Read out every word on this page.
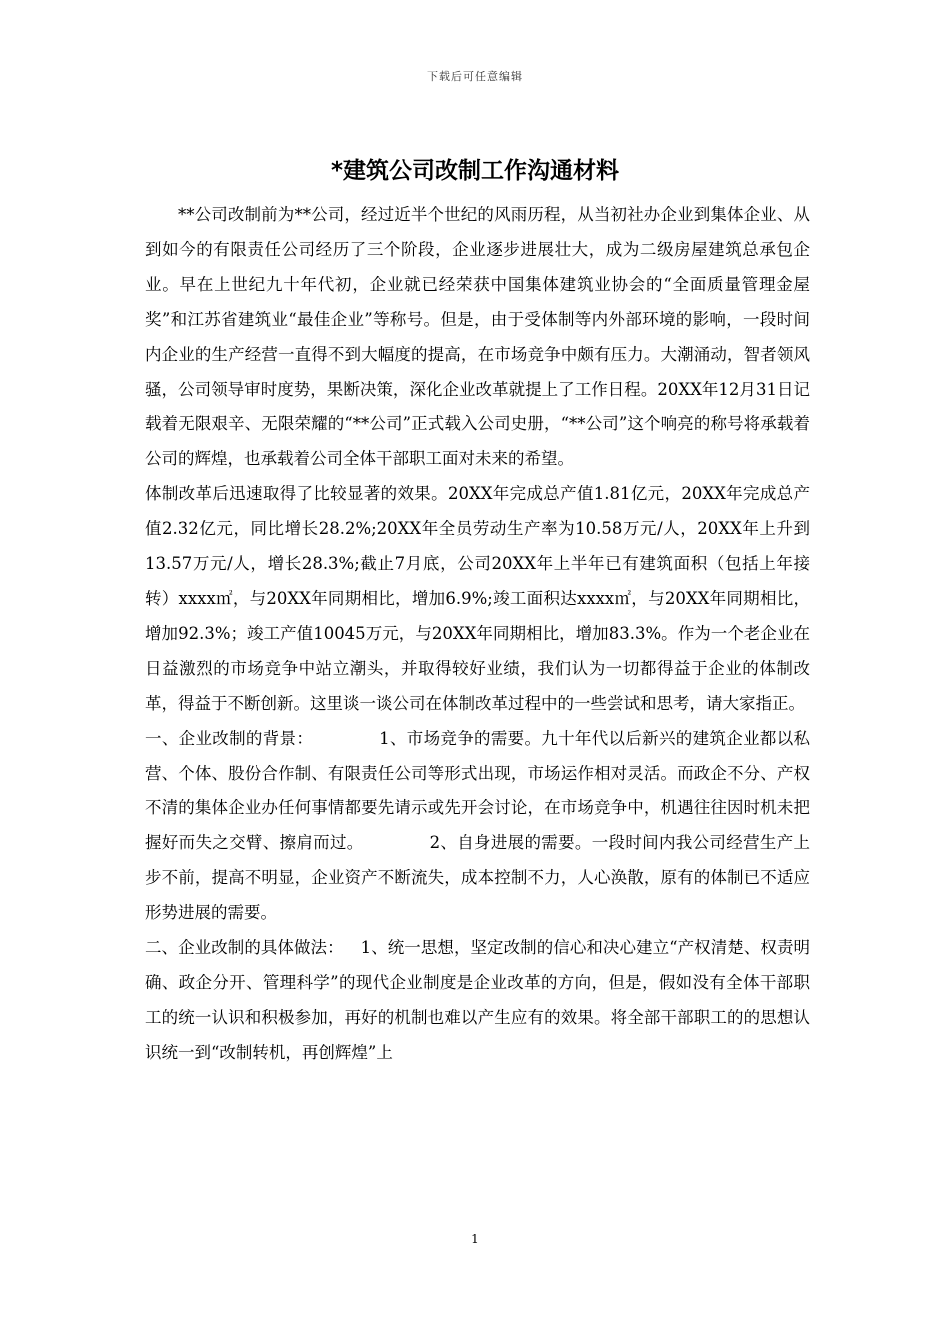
下载后可任意编辑
*建筑公司改制工作沟通材料

**公司改制前为**公司，经过近半个世纪的风雨历程，从当初社办企业到集体企业、从到如今的有限责任公司经历了三个阶段，企业逐步进展壮大，成为二级房屋建筑总承包企业。早在上世纪九十年代初，企业就已经荣获中国集体建筑业协会的“全面质量管理金屋奖”和江苏省建筑业“最佳企业”等称号。但是，由于受体制等内外部环境的影响，一段时间内企业的生产经营一直得不到大幅度的提高，在市场竞争中颇有压力。大潮涌动，智者领风骚，公司领导审时度势，果断决策，深化企业改革就提上了工作日程。20XX年12月31日记载着无限艰辛、无限荣耀的“**公司”正式载入公司史册，“**公司”这个响亮的称号将承载着公司的辉煌，也承载着公司全体干部职工面对未来的希望。

体制改革后迅速取得了比较显著的效果。20XX年完成总产值1.81亿元，20XX年完成总产值2.32亿元，同比增长28.2%;20XX年全员劳动生产率为10.58万元/人，20XX年上升到13.57万元/人，增长28.3%;截止7月底，公司20XX年上半年已有建筑面积（包括上年接转）xxxx㎡，与20XX年同期相比，增加6.9%;竣工面积达xxxx㎡，与20XX年同期相比，增加92.3%；竣工产值10045万元，与20XX年同期相比，增加83.3%。作为一个老企业在日益激烈的市场竞争中站立潮头，并取得较好业绩，我们认为一切都得益于企业的体制改革，得益于不断创新。这里谈一谈公司在体制改革过程中的一些尝试和思考，请大家指正。

一、企业改制的背景：	1、市场竞争的需要。九十年代以后新兴的建筑企业都以私营、个体、股份合作制、有限责任公司等形式出现，市场运作相对灵活。而政企不分、产权不清的集体企业办任何事情都要先请示或先开会讨论，在市场竞争中，机遇往往因时机未把握好而失之交臂、擦肩而过。	2、自身进展的需要。一段时间内我公司经营生产上步不前，提高不明显，企业资产不断流失，成本控制不力，人心涣散，原有的体制已不适应形势进展的需要。

二、企业改制的具体做法： 1、统一思想，坚定改制的信心和决心建立“产权清楚、权责明确、政企分开、管理科学”的现代企业制度是企业改革的方向，但是，假如没有全体干部职工的统一认识和积极参加，再好的机制也难以产生应有的效果。将全部干部职工的的思想认识统一到“改制转机，再创辉煌”上

1
